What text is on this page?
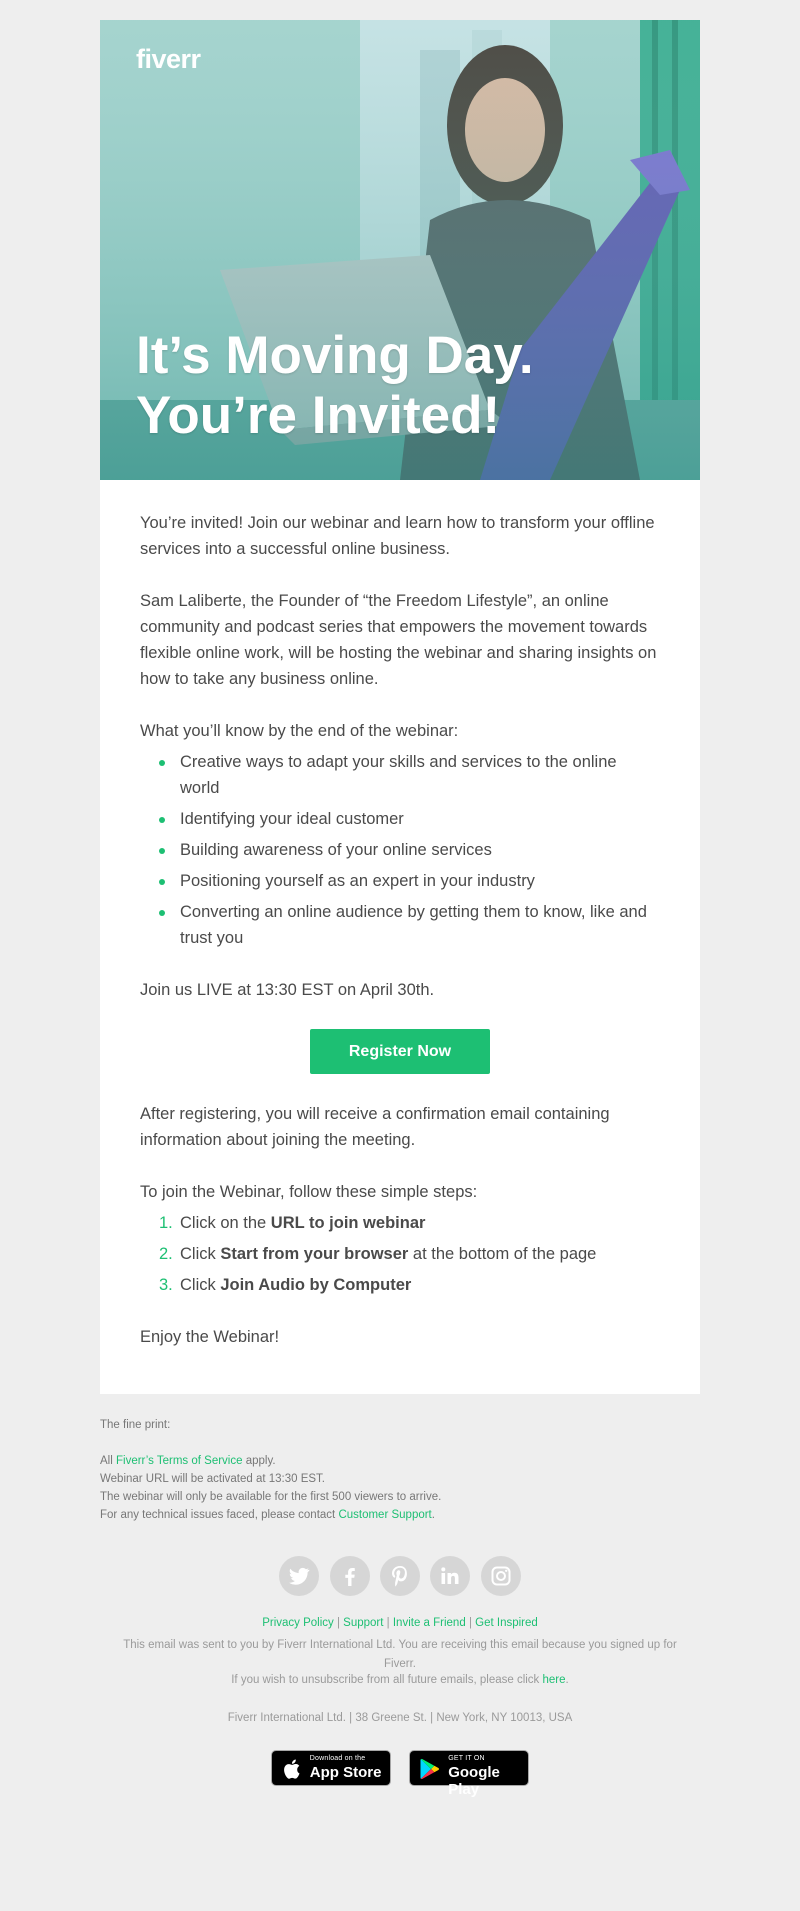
fiverr
It’s Moving Day.
You’re Invited!

You’re invited! Join our webinar and learn how to transform your offline services into a successful online business.

Sam Laliberte, the Founder of “the Freedom Lifestyle”, an online community and podcast series that empowers the movement towards flexible online work, will be hosting the webinar and sharing insights on how to take any business online.

What you’ll know by the end of the webinar:

Creative ways to adapt your skills and services to the online world
Identifying your ideal customer
Building awareness of your online services
Positioning yourself as an expert in your industry
Converting an online audience by getting them to know, like and trust you

Join us LIVE at 13:30 EST on April 30th.

Register Now

After registering, you will receive a confirmation email containing information about joining the meeting.

To join the Webinar, follow these simple steps:

1. Click on the URL to join webinar
2. Click Start from your browser at the bottom of the page
3. Click Join Audio by Computer

Enjoy the Webinar!

The fine print:
All Fiverr’s Terms of Service apply.
Webinar URL will be activated at 13:30 EST.
The webinar will only be available for the first 500 viewers to arrive.
For any technical issues faced, please contact Customer Support.

Privacy Policy | Support | Invite a Friend | Get Inspired
This email was sent to you by Fiverr International Ltd. You are receiving this email because you signed up for Fiverr.
If you wish to unsubscribe from all future emails, please click here.
Fiverr International Ltd. | 38 Greene St. | New York, NY 10013, USA
Download on the
App Store

GET IT ON
Google Play
